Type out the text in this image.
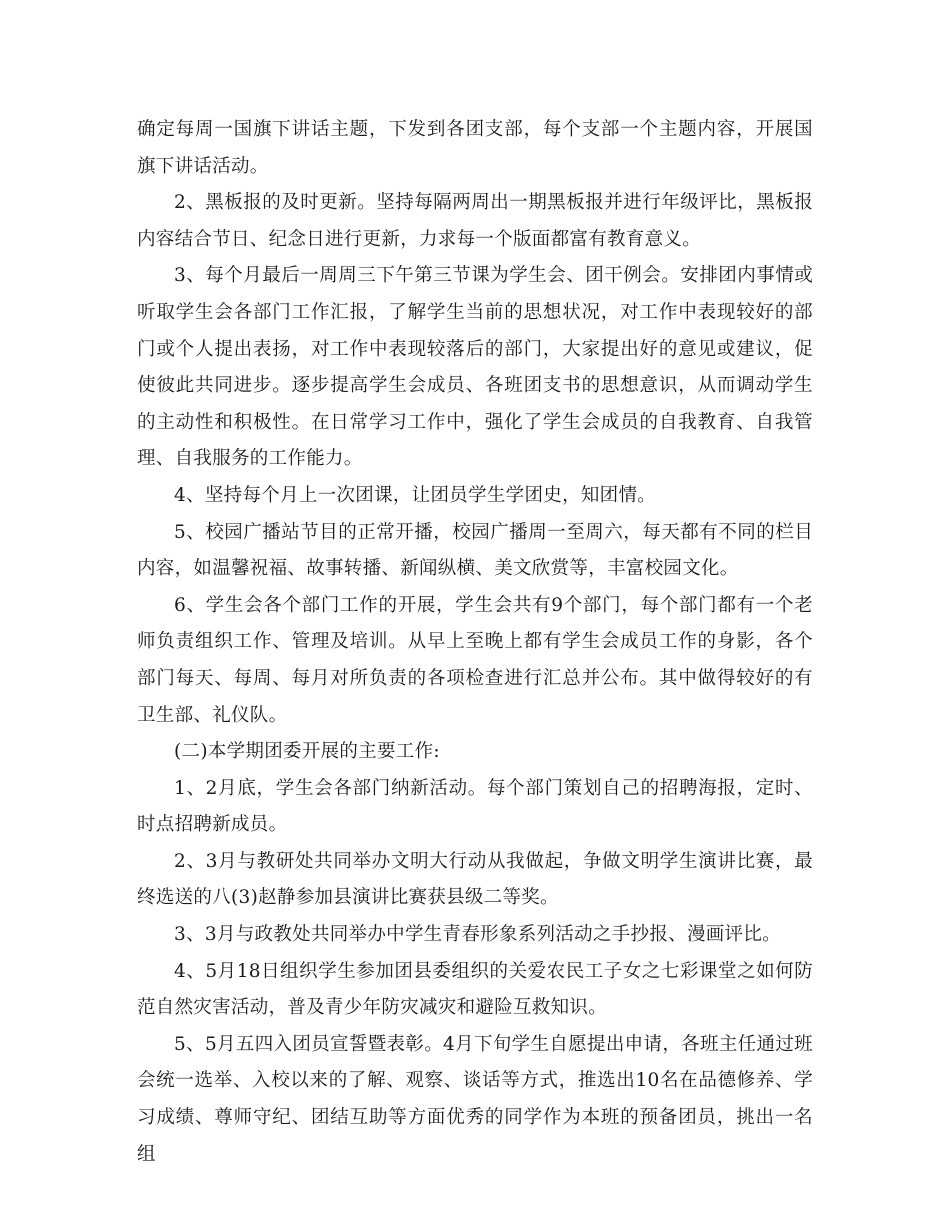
确定每周一国旗下讲话主题，下发到各团支部，每个支部一个主题内容，开展国旗下讲话活动。

2、黑板报的及时更新。坚持每隔两周出一期黑板报并进行年级评比，黑板报内容结合节日、纪念日进行更新，力求每一个版面都富有教育意义。

3、每个月最后一周周三下午第三节课为学生会、团干例会。安排团内事情或听取学生会各部门工作汇报，了解学生当前的思想状况，对工作中表现较好的部门或个人提出表扬，对工作中表现较落后的部门，大家提出好的意见或建议，促使彼此共同进步。逐步提高学生会成员、各班团支书的思想意识，从而调动学生的主动性和积极性。在日常学习工作中，强化了学生会成员的自我教育、自我管理、自我服务的工作能力。

4、坚持每个月上一次团课，让团员学生学团史，知团情。

5、校园广播站节目的正常开播，校园广播周一至周六，每天都有不同的栏目内容，如温馨祝福、故事转播、新闻纵横、美文欣赏等，丰富校园文化。

6、学生会各个部门工作的开展，学生会共有9个部门，每个部门都有一个老师负责组织工作、管理及培训。从早上至晚上都有学生会成员工作的身影，各个部门每天、每周、每月对所负责的各项检查进行汇总并公布。其中做得较好的有卫生部、礼仪队。

(二)本学期团委开展的主要工作:

1、2月底，学生会各部门纳新活动。每个部门策划自己的招聘海报，定时、时点招聘新成员。

2、3月与教研处共同举办文明大行动从我做起，争做文明学生演讲比赛，最终选送的八(3)赵静参加县演讲比赛获县级二等奖。

3、3月与政教处共同举办中学生青春形象系列活动之手抄报、漫画评比。

4、5月18日组织学生参加团县委组织的关爱农民工子女之七彩课堂之如何防范自然灾害活动，普及青少年防灾减灾和避险互救知识。

5、5月五四入团员宣誓暨表彰。4月下旬学生自愿提出申请，各班主任通过班会统一选举、入校以来的了解、观察、谈话等方式，推选出10名在品德修养、学习成绩、尊师守纪、团结互助等方面优秀的同学作为本班的预备团员，挑出一名组
